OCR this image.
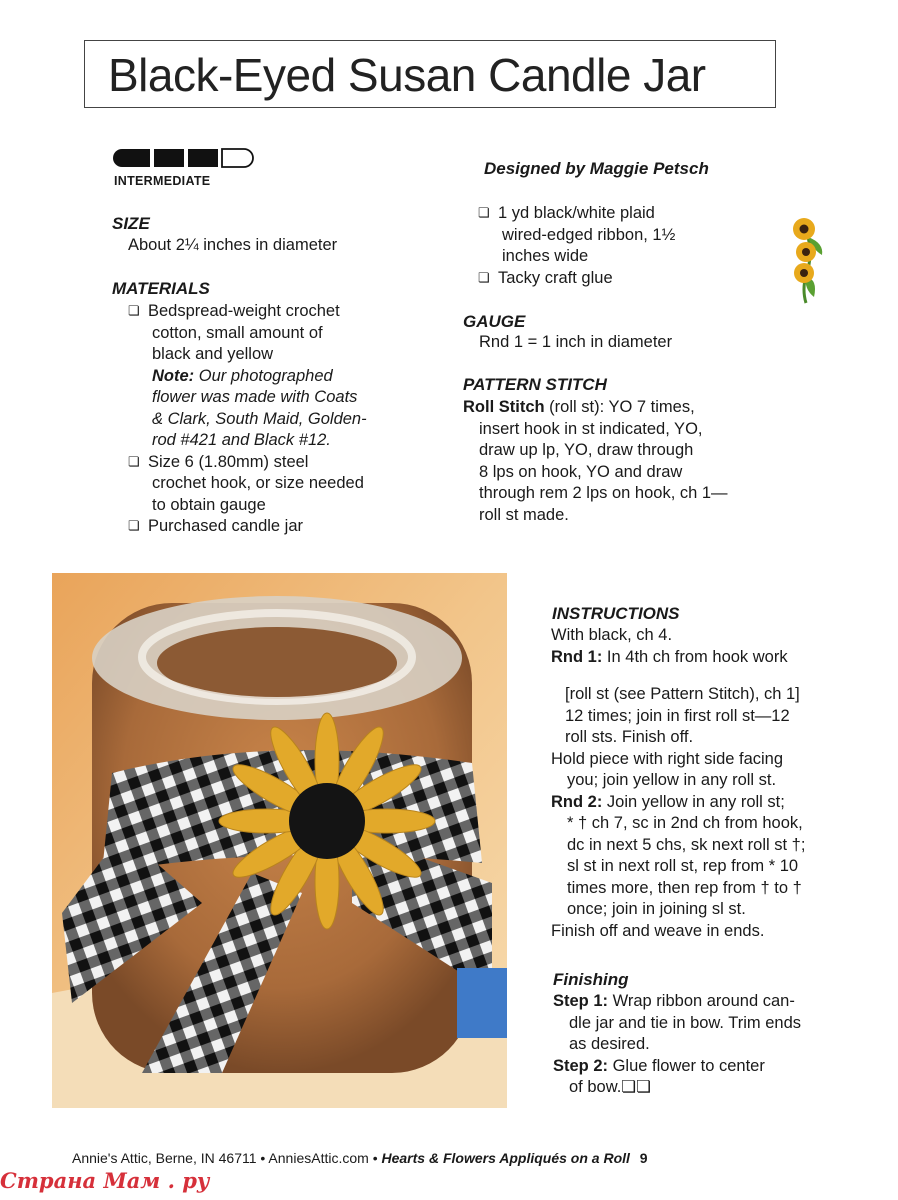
Black-Eyed Susan Candle Jar
INTERMEDIATE
SIZE
About 2¼ inches in diameter
MATERIALS
❏ Bedspread-weight crochet
cotton, small amount of
black and yellow
Note: Our photographed
flower was made with Coats
& Clark, South Maid, Golden-
rod #421 and Black #12.
❏ Size 6 (1.80mm) steel
crochet hook, or size needed
to obtain gauge
❏ Purchased candle jar
Designed by Maggie Petsch
❏ 1 yd black/white plaid
wired-edged ribbon, 1½
inches wide
❏ Tacky craft glue
GAUGE
Rnd 1 = 1 inch in diameter
PATTERN STITCH
Roll Stitch (roll st): YO 7 times,
insert hook in st indicated, YO,
draw up lp, YO, draw through
8 lps on hook, YO and draw
through rem 2 lps on hook, ch 1—
roll st made.
INSTRUCTIONS
With black, ch 4.
Rnd 1: In 4th ch from hook work
[roll st (see Pattern Stitch), ch 1]
12 times; join in first roll st—12
roll sts. Finish off.
Hold piece with right side facing
you; join yellow in any roll st.
Rnd 2: Join yellow in any roll st;
* † ch 7, sc in 2nd ch from hook,
dc in next 5 chs, sk next roll st †;
sl st in next roll st, rep from * 10
times more, then rep from † to †
once; join in joining sl st.
Finish off and weave in ends.
Finishing
Step 1: Wrap ribbon around can-
dle jar and tie in bow. Trim ends
as desired.
Step 2: Glue flower to center
of bow.❏❏
Annie's Attic, Berne, IN 46711 • AnniesAttic.com • Hearts & Flowers Appliqués on a Roll 9
Страна Мам . ру
